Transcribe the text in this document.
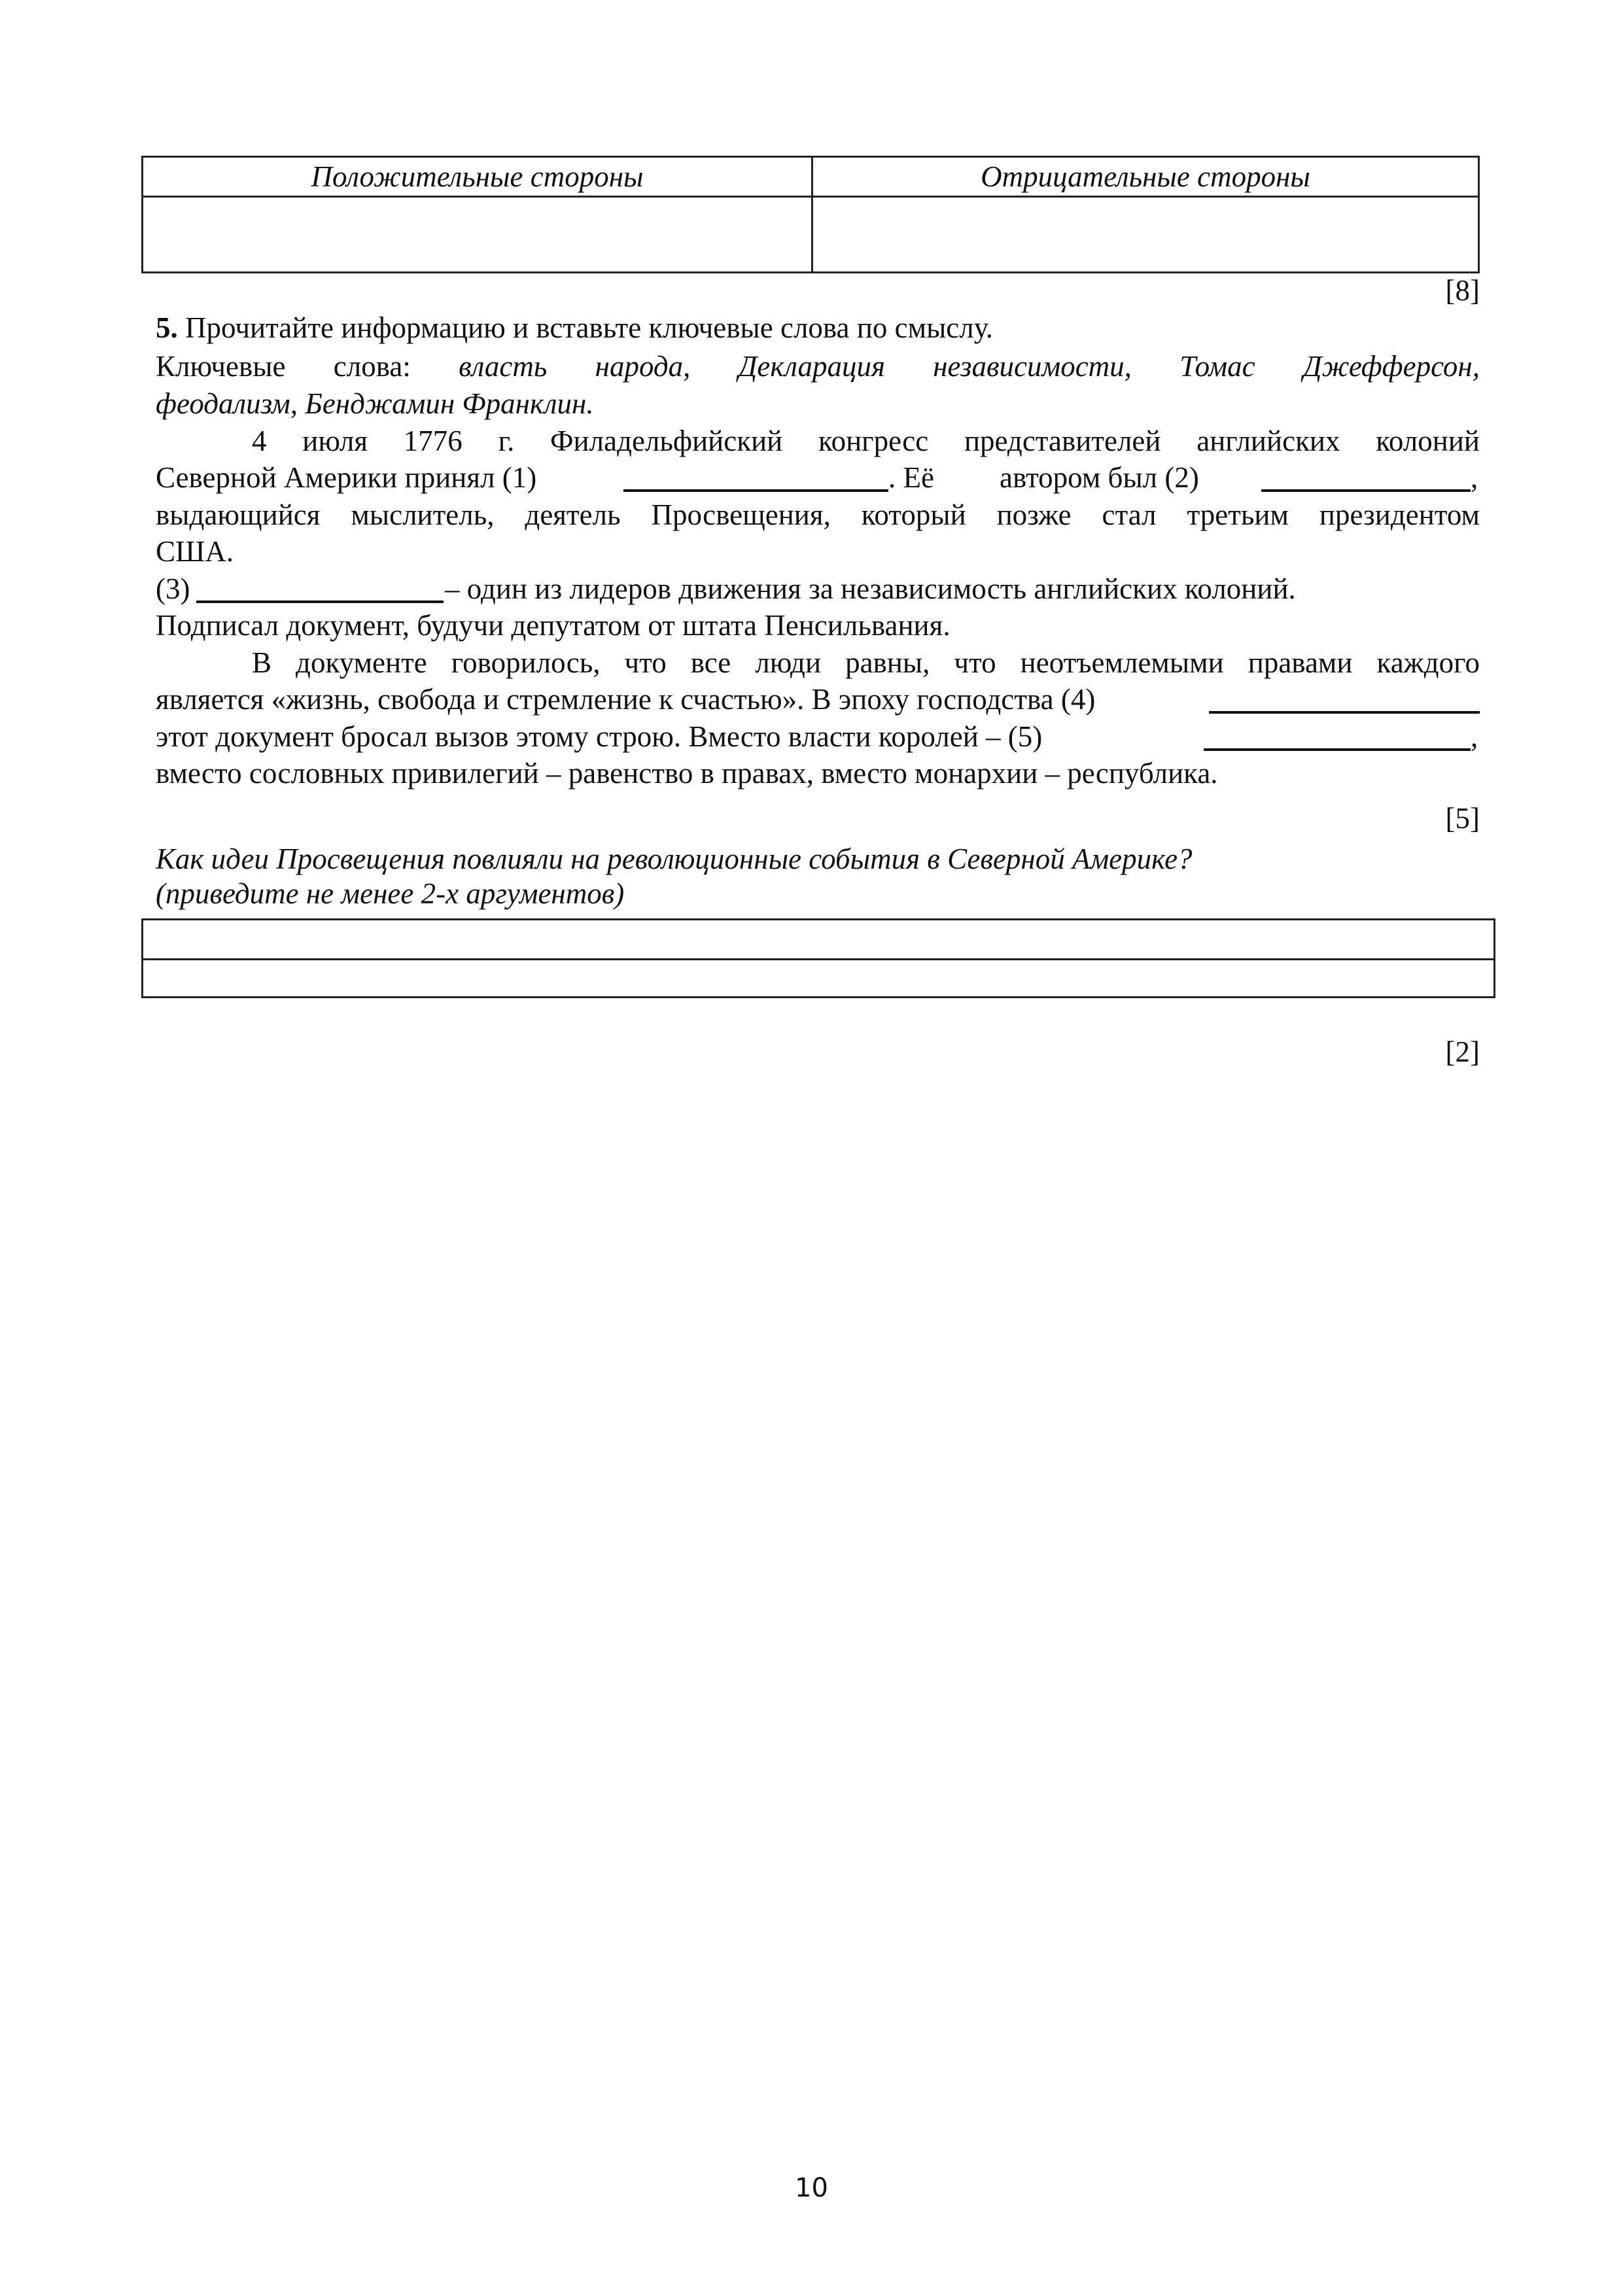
Положительные стороны	Отрицательные стороны
[8]
5. Прочитайте информацию и вставьте ключевые слова по смыслу.
Ключевые слова: власть народа, Декларация независимости, Томас Джефферсон,
феодализм, Бенджамин Франклин.
4 июля 1776 г. Филадельфийский конгресс представителей английских колоний
Северной Америки принял (1)	. Её автором был (2)	,
выдающийся мыслитель, деятель Просвещения, который позже стал третьим президентом
США.
(3)	– один из лидеров движения за независимость английских колоний.
Подписал документ, будучи депутатом от штата Пенсильвания.
В документе говорилось, что все люди равны, что неотъемлемыми правами каждого
является «жизнь, свобода и стремление к счастью». В эпоху господства (4)
этот документ бросал вызов этому строю. Вместо власти королей – (5)	,
вместо сословных привилегий – равенство в правах, вместо монархии – республика.
[5]
Как идеи Просвещения повлияли на революционные события в Северной Америке?
(приведите не менее 2-х аргументов)
[2]
10
